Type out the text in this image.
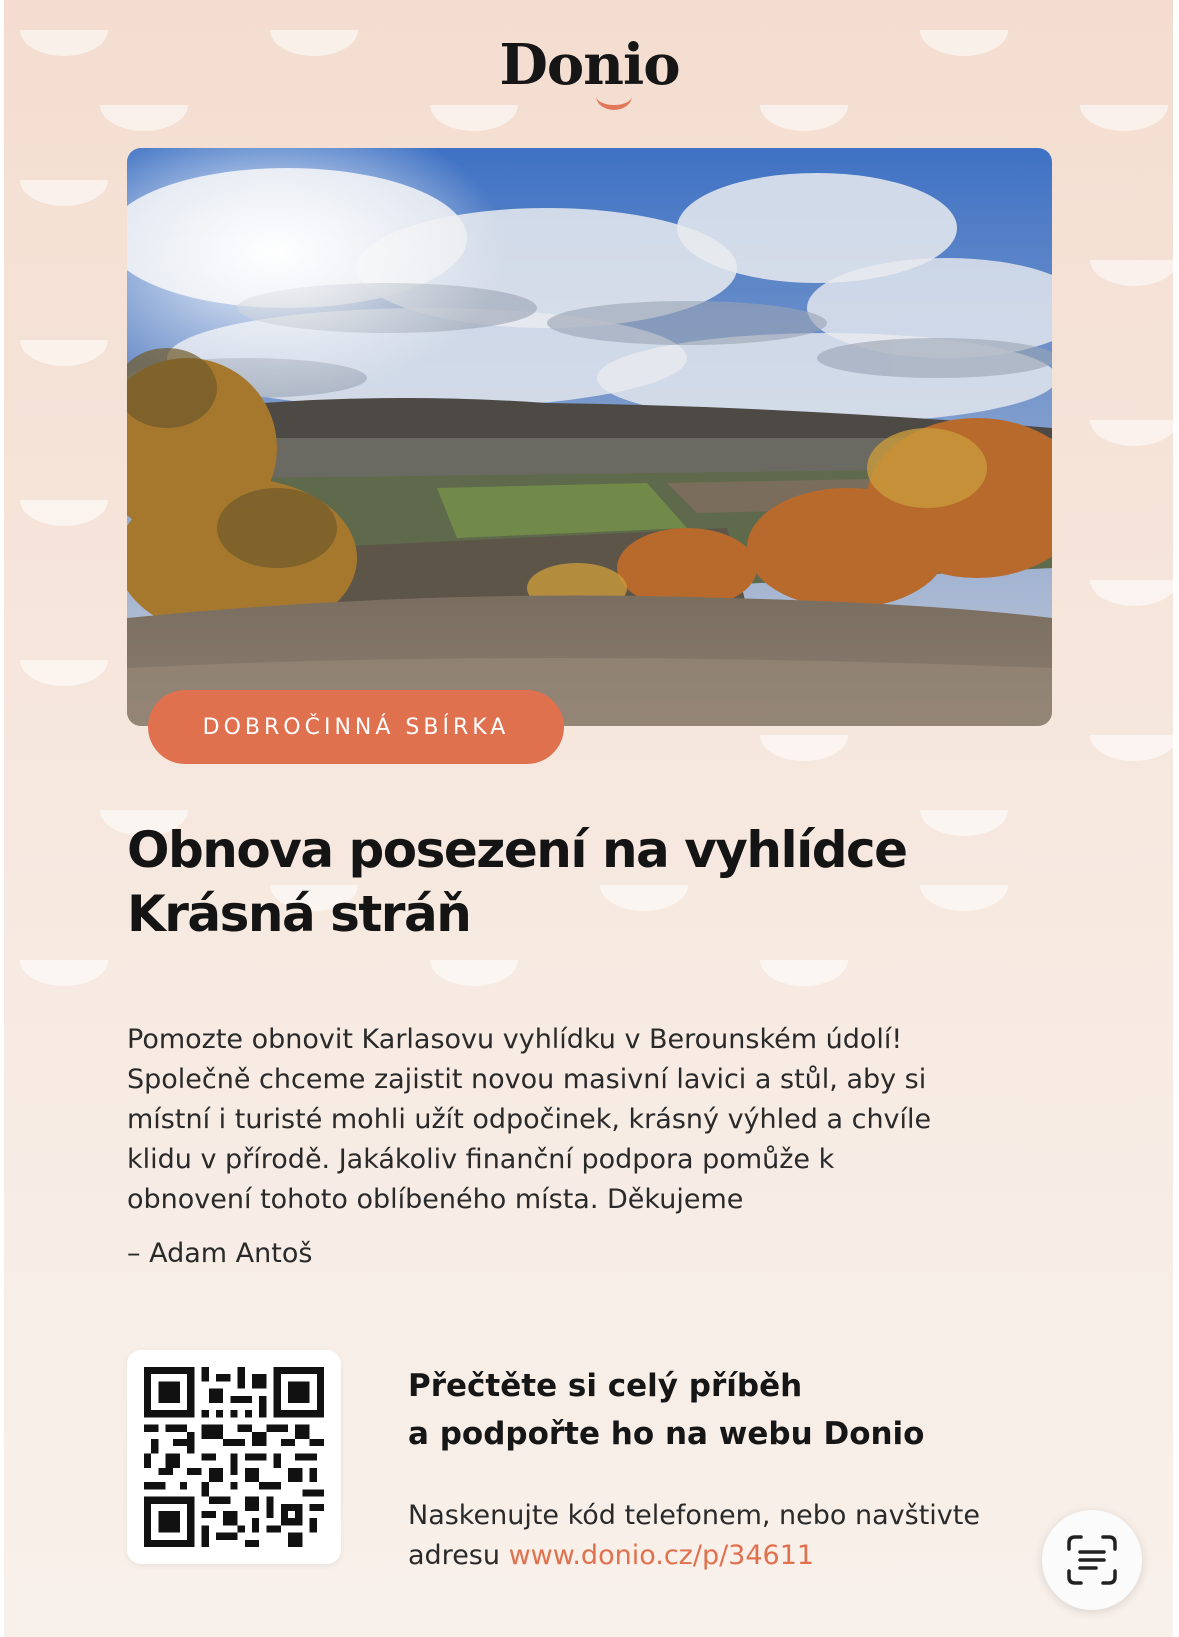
Donio
DOBROČINNÁ SBÍRKA
Obnova posezení na vyhlídce
Krásná stráň
Pomozte obnovit Karlasovu vyhlídku v Berounském údolí!
Společně chceme zajistit novou masivní lavici a stůl, aby si
místní i turisté mohli užít odpočinek, krásný výhled a chvíle
klidu v přírodě. Jakákoliv finanční podpora pomůže k
obnovení tohoto oblíbeného místa. Děkujeme
– Adam Antoš
Přečtěte si celý příběh
a podpořte ho na webu Donio
Naskenujte kód telefonem, nebo navštivte
adresu www.donio.cz/p/34611
